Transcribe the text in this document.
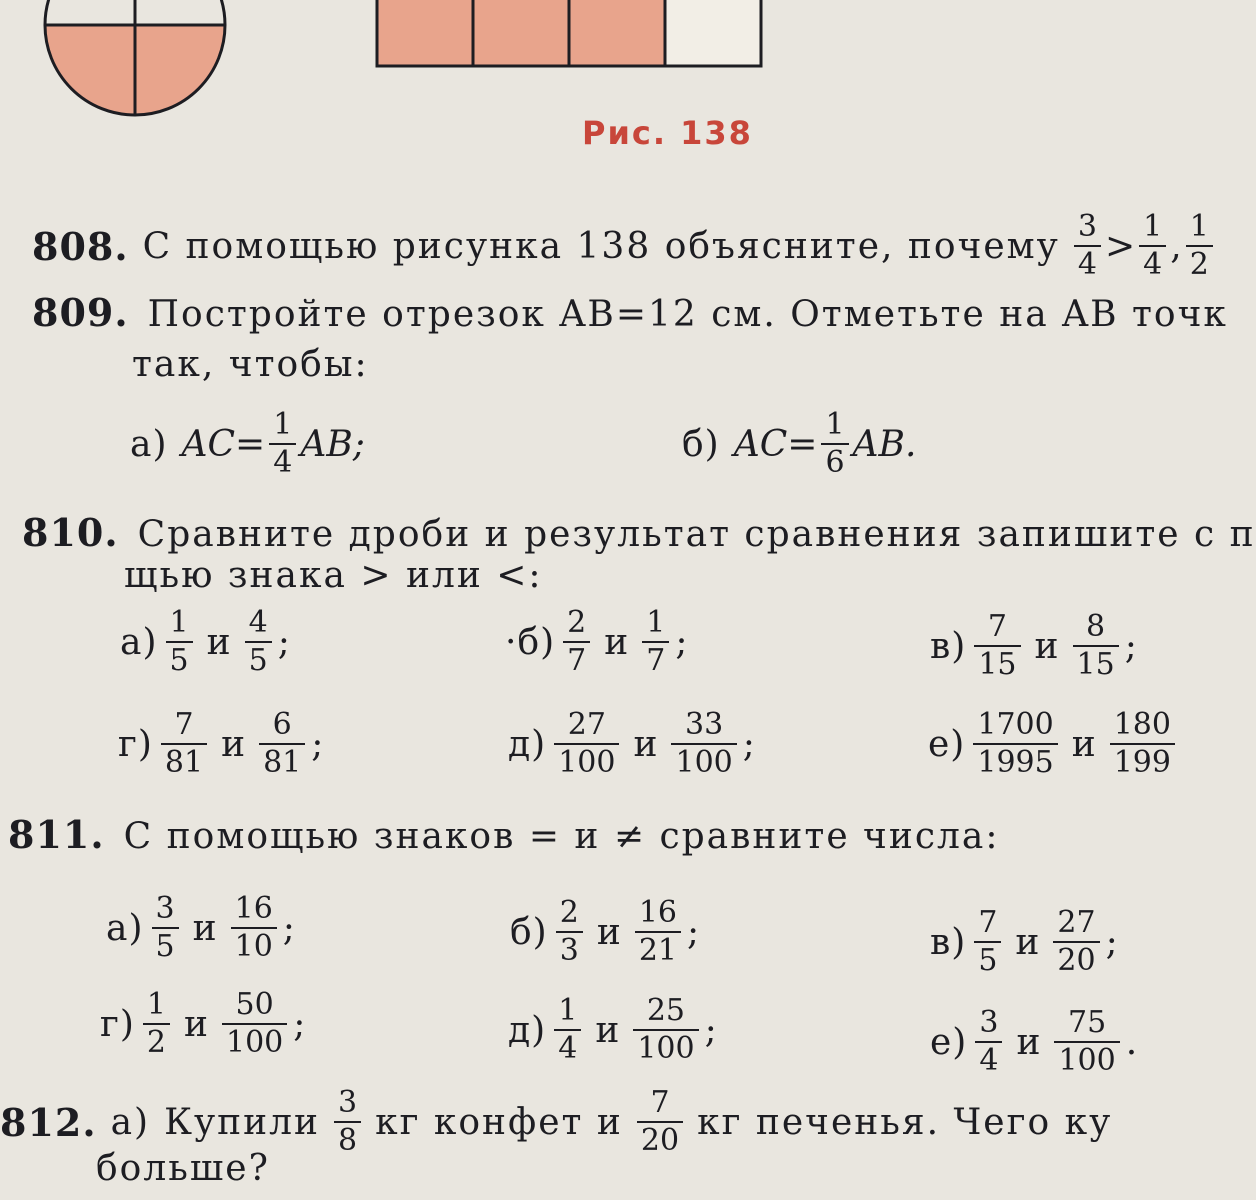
Рис. 138
808. С помощью рисунка 138 объясните, почему $\frac{3}{4} > \frac{1}{4}$ , $\frac{1}{2}$
809. Постройте отрезок AB=12 см. Отметьте на AB точк
так, чтобы:
а) $AC= \frac{1}{4}$ AB;	б) $AC= \frac{1}{6}$ AB.
810. Сравните дроби и результат сравнения запишите с п
щью знака > или <:
$а) \frac{1}{5}$ и $\frac{4}{5}$ ;	$\cdot б) \frac{2}{7}$ и $\frac{1}{7}$ ;	$в) \frac{7}{15}$ и $\frac{8}{15}$ ;
$г) \frac{7}{81}$ и $\frac{6}{81}$ ;	$д) \frac{27}{100}$ и $\frac{33}{100}$ ;	$е) \frac{1700}{1995}$ и $\frac{180}{199}$
811. С помощью знаков = и ≠ сравните числа:
$а) \frac{3}{5}$ и $\frac{16}{10}$ ;	$б) \frac{2}{3}$ и $\frac{16}{21}$ ;	$в) \frac{7}{5}$ и $\frac{27}{20}$ ;
$г) \frac{1}{2}$ и $\frac{50}{100}$ ;	$д) \frac{1}{4}$ и $\frac{25}{100}$ ;	$е) \frac{3}{4}$ и $\frac{75}{100}$ .
812. а) Купили $\frac{3}{8}$ кг конфет и $\frac{7}{20}$ кг печенья. Чего ку
больше?
